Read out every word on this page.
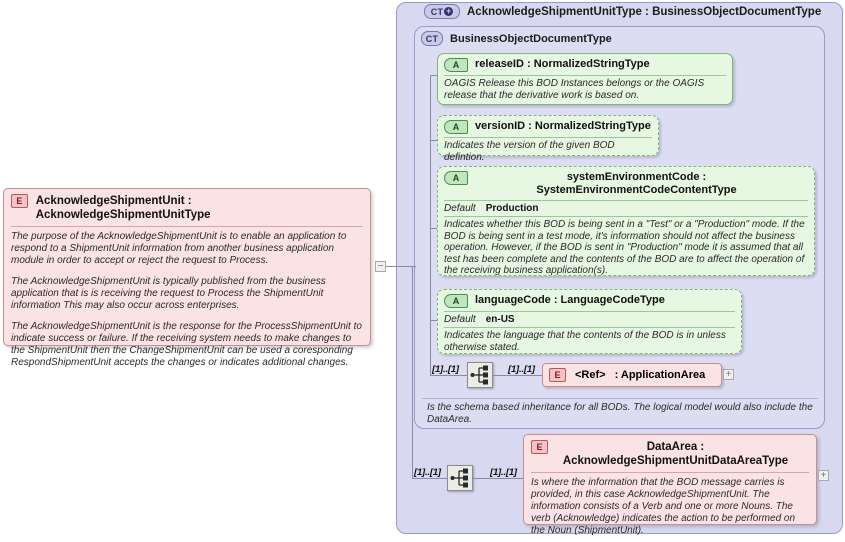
CT + AcknowledgeShipmentUnitType : BusinessObjectDocumentType
CT BusinessObjectDocumentType
E AcknowledgeShipmentUnit : AcknowledgeShipmentUnitType

The purpose of the AcknowledgeShipmentUnit is to enable an application to respond to a ShipmentUnit information from another business application module in order to accept or reject the request to Process.

The AcknowledgeShipmentUnit is typically published from the business application that is is receiving the request to Process the ShipmentUnit information This may also occur across enterprises.

The AcknowledgeShipmentUnit is the response for the ProcessShipmentUnit to indicate success or failure. If the receiving system needs to make changes to the ShipmentUnit then the ChangeShipmentUnit can be used a coresponding RespondShipmentUnit accepts the changes or indicates additional changes.

−
A releaseID : NormalizedStringType
OAGIS Release this BOD Instances belongs or the OAGIS release that the derivative work is based on.
A versionID : NormalizedStringType
Indicates the version of the given BOD defintion.
A	systemEnvironmentCode : SystemEnvironmentCodeContentType
Default Production
Indicates whether this BOD is being sent in a "Test" or a "Production" mode. If the BOD is being sent in a test mode, it's information should not affect the business operation. However, if the BOD is sent in "Production" mode it is assumed that all test has been complete and the contents of the BOD are to affect the operation of the receiving business application(s).
A languageCode : LanguageCodeType
Default en-US
Indicates the language that the contents of the BOD is in unless otherwise stated.
[1]..[1]	[1]..[1] E <Ref> : ApplicationArea +
Is the schema based inheritance for all BODs. The logical model would also include the DataArea.
[1]..[1]	[1]..[1]
E	DataArea : AcknowledgeShipmentUnitDataAreaType
Is where the information that the BOD message carries is provided, in this case AcknowledgeShipmentUnit. The information consists of a Verb and one or more Nouns. The verb (Acknowledge) indicates the action to be performed on the Noun (ShipmentUnit).
+
